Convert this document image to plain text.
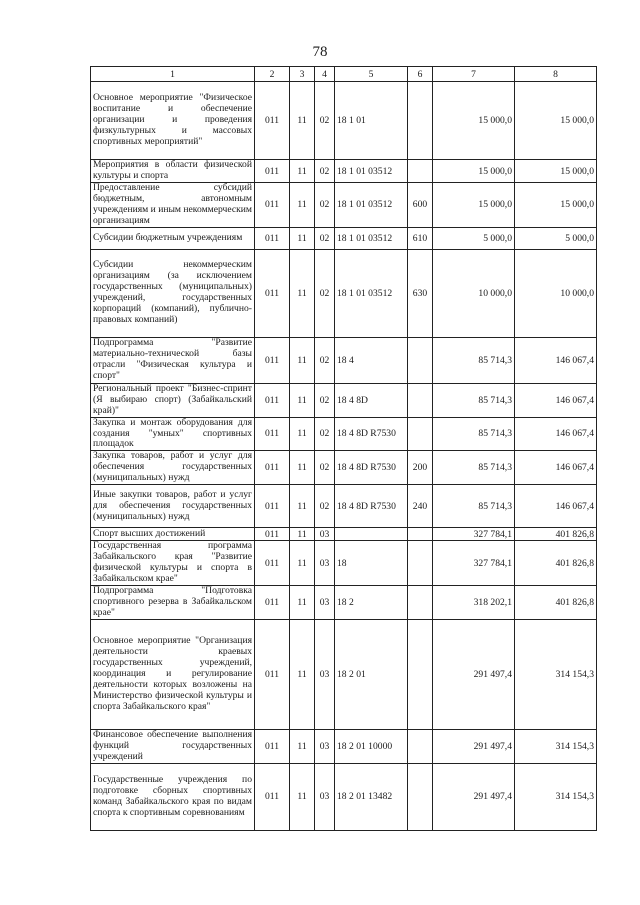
78
1	2	3	4	5	6	7	8
Основное мероприятие "Физическое воспитание и обеспечение организации и проведения физкультурных и массовых спортивных мероприятий"	011	11	02	18 1 01		15 000,0	15 000,0
Мероприятия в области физической культуры и спорта	011	11	02	18 1 01 03512		15 000,0	15 000,0
Предоставление субсидий бюджетным, автономным учреждениям и иным некоммерческим организациям	011	11	02	18 1 01 03512	600	15 000,0	15 000,0
Субсидии бюджетным учреждениям	011	11	02	18 1 01 03512	610	5 000,0	5 000,0
Субсидии некоммерческим организациям (за исключением государственных (муниципальных) учреждений, государственных корпораций (компаний), публично-правовых компаний)	011	11	02	18 1 01 03512	630	10 000,0	10 000,0
Подпрограмма "Развитие материально-технической базы отрасли "Физическая культура и спорт"	011	11	02	18 4		85 714,3	146 067,4
Региональный проект "Бизнес-спринт (Я выбираю спорт) (Забайкальский край)"	011	11	02	18 4 8D		85 714,3	146 067,4
Закупка и монтаж оборудования для создания "умных" спортивных площадок	011	11	02	18 4 8D R7530		85 714,3	146 067,4
Закупка товаров, работ и услуг для обеспечения государственных (муниципальных) нужд	011	11	02	18 4 8D R7530	200	85 714,3	146 067,4
Иные закупки товаров, работ и услуг для обеспечения государственных (муниципальных) нужд	011	11	02	18 4 8D R7530	240	85 714,3	146 067,4
Спорт высших достижений	011	11	03			327 784,1	401 826,8
Государственная программа Забайкальского края "Развитие физической культуры и спорта в Забайкальском крае"	011	11	03	18		327 784,1	401 826,8
Подпрограмма "Подготовка спортивного резерва в Забайкальском крае"	011	11	03	18 2		318 202,1	401 826,8
Основное мероприятие "Организация деятельности краевых государственных учреждений, координация и регулирование деятельности которых возложены на Министерство физической культуры и спорта Забайкальского края"	011	11	03	18 2 01		291 497,4	314 154,3
Финансовое обеспечение выполнения функций государственных учреждений	011	11	03	18 2 01 10000		291 497,4	314 154,3
Государственные учреждения по подготовке сборных спортивных команд Забайкальского края по видам спорта к спортивным соревнованиям	011	11	03	18 2 01 13482		291 497,4	314 154,3
